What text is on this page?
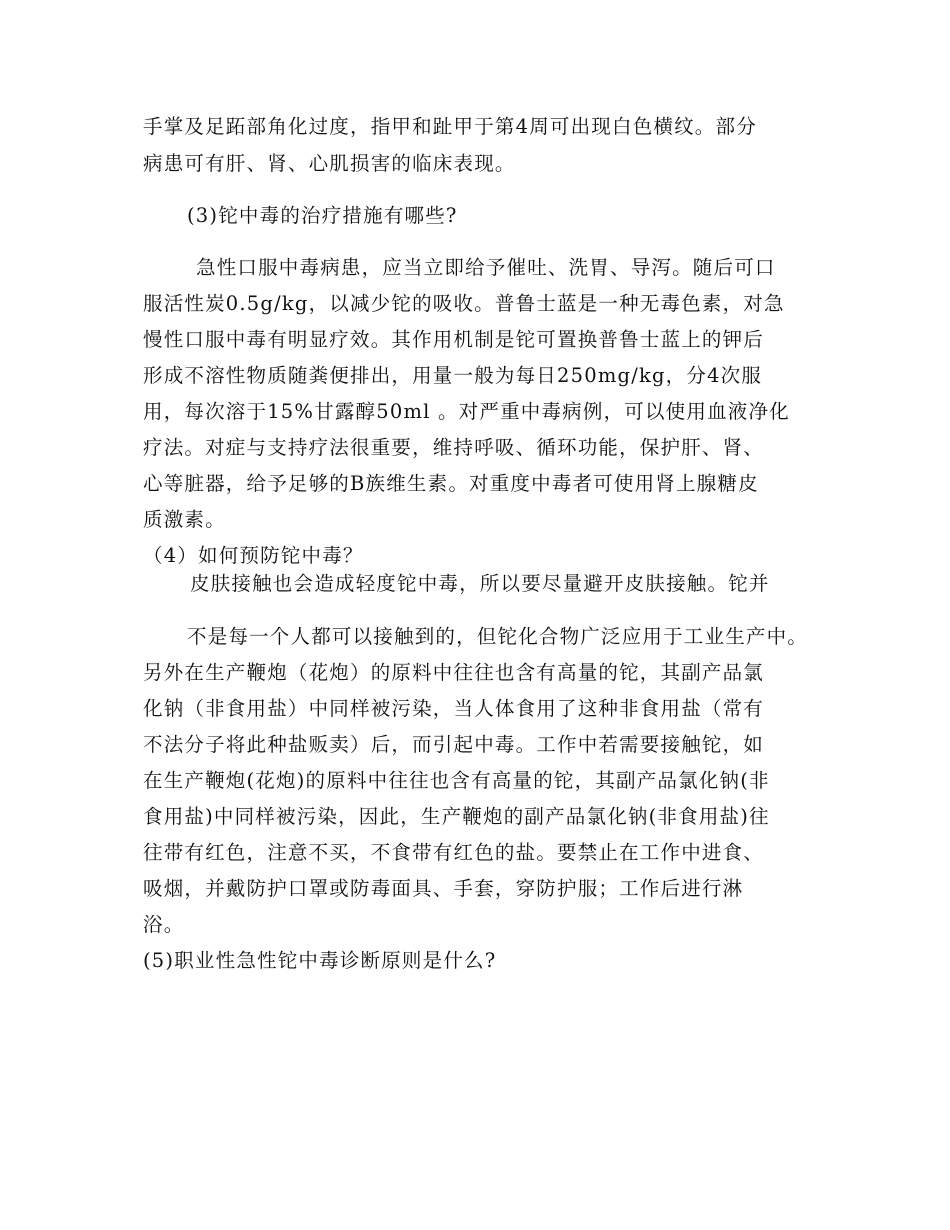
手掌及足跖部角化过度，指甲和趾甲于第4周可出现白色横纹。部分
病患可有肝、肾、心肌损害的临床表现。
(3)铊中毒的治疗措施有哪些?
急性口服中毒病患，应当立即给予催吐、洗胃、导泻。随后可口
服活性炭0.5g/kg，以减少铊的吸收。普鲁士蓝是一种无毒色素，对急
慢性口服中毒有明显疗效。其作用机制是铊可置换普鲁士蓝上的钾后
形成不溶性物质随粪便排出，用量一般为每日250mg/kg，分4次服
用，每次溶于15%甘露醇50ml 。对严重中毒病例，可以使用血液净化
疗法。对症与支持疗法很重要，维持呼吸、循环功能，保护肝、肾、
心等脏器，给予足够的B族维生素。对重度中毒者可使用肾上腺糖皮
质激素。
（4）如何预防铊中毒？
皮肤接触也会造成轻度铊中毒，所以要尽量避开皮肤接触。铊并
不是每一个人都可以接触到的，但铊化合物广泛应用于工业生产中。
另外在生产鞭炮（花炮）的原料中往往也含有高量的铊，其副产品氯
化钠（非食用盐）中同样被污染，当人体食用了这种非食用盐（常有
不法分子将此种盐贩卖）后，而引起中毒。工作中若需要接触铊，如
在生产鞭炮(花炮)的原料中往往也含有高量的铊，其副产品氯化钠(非
食用盐)中同样被污染，因此，生产鞭炮的副产品氯化钠(非食用盐)往
往带有红色，注意不买，不食带有红色的盐。要禁止在工作中进食、
吸烟，并戴防护口罩或防毒面具、手套，穿防护服；工作后进行淋
浴。
(5)职业性急性铊中毒诊断原则是什么?
